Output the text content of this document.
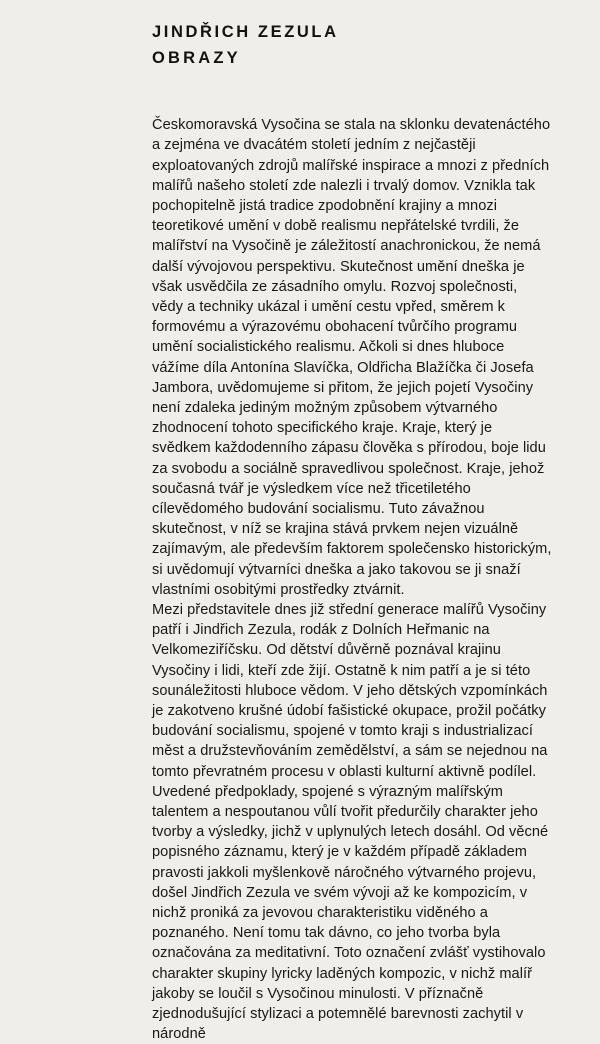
JINDŘICH ZEZULA
OBRAZY

Českomoravská Vysočina se stala na sklonku devatenáctého a zejména ve dvacátém století jedním z nejčastěji exploatovaných zdrojů malířské inspirace a mnozi z předních malířů našeho století zde nalezli i trvalý domov. Vznikla tak pochopitelně jistá tradice zpodobnění krajiny a mnozi teoretikové umění v době realismu nepřátelské tvrdili, že malířství na Vysočině je záležitostí anachronickou, že nemá další vývojovou perspektivu. Skutečnost umění dneška je však usvědčila ze zásadního omylu. Rozvoj společnosti, vědy a techniky ukázal i umění cestu vpřed, směrem k formovému a výrazovému obohacení tvůrčího programu umění socialistického realismu. Ačkoli si dnes hluboce vážíme díla Antonína Slavíčka, Oldřicha Blažíčka či Josefa Jambora, uvědomujeme si přitom, že jejich pojetí Vysočiny není zdaleka jediným možným způsobem výtvarného zhodnocení tohoto specifického kraje. Kraje, který je svědkem každodenního zápasu člověka s přírodou, boje lidu za svobodu a sociálně spravedlivou společnost. Kraje, jehož současná tvář je výsledkem více než třicetiletého cílevědomého budování socialismu. Tuto závažnou skutečnost, v níž se krajina stává prvkem nejen vizuálně zajímavým, ale především faktorem společensko historickým, si uvědomují výtvarníci dneška a jako takovou se ji snaží vlastními osobitými prostředky ztvárnit.

Mezi představitele dnes již střední generace malířů Vysočiny patří i Jindřich Zezula, rodák z Dolních Heřmanic na Velkomeziříčsku. Od dětství důvěrně poznával krajinu Vysočiny i lidi, kteří zde žijí. Ostatně k nim patří a je si této sounáležitosti hluboce vědom. V jeho dětských vzpomínkách je zakotveno krušné údobí fašistické okupace, prožil počátky budování socialismu, spojené v tomto kraji s industrializací měst a družstevňováním zemědělství, a sám se nejednou na tomto převratném procesu v oblasti kulturní aktivně podílel. Uvedené předpoklady, spojené s výrazným malířským talentem a nespoutanou vůlí tvořit předurčily charakter jeho tvorby a výsledky, jichž v uplynulých letech dosáhl. Od věcné popisného záznamu, který je v každém případě základem pravosti jakkoli myšlenkově náročného výtvarného projevu, došel Jindřich Zezula ve svém vývoji až ke kompozicím, v nichž proniká za jevovou charakteristiku viděného a poznaného. Není tomu tak dávno, co jeho tvorba byla označována za meditativní. Toto označení zvlášť vystihovalo charakter skupiny lyricky laděných kompozic, v nichž malíř jakoby se loučil s Vysočinou minulosti. V příznačně zjednodušující stylizaci a potemnělé barevnosti zachytil v národně
